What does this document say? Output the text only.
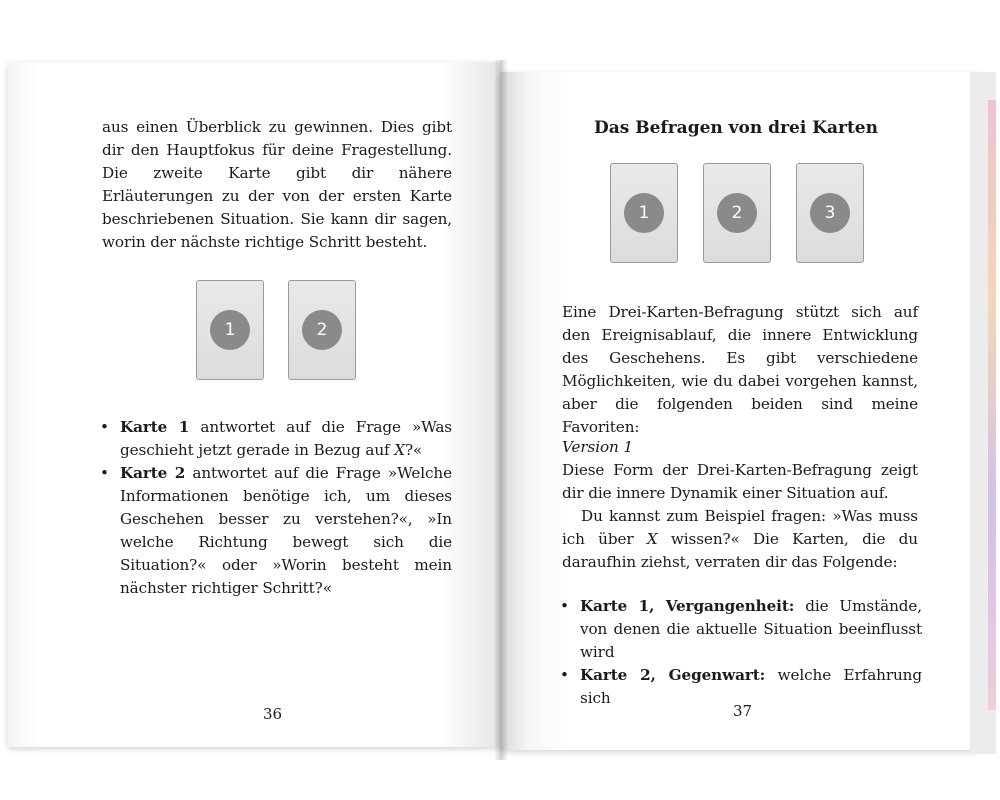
aus einen Überblick zu gewinnen. Dies gibt dir den Hauptfokus für deine Fragestellung. Die zweite Karte gibt dir nähere Erläuterungen zu der von der ersten Karte beschriebenen Situation. Sie kann dir sagen, worin der nächste richtige Schritt besteht.

1	2
• Karte 1 antwortet auf die Frage »Was geschieht jetzt gerade in Bezug auf X?«
• Karte 2 antwortet auf die Frage »Welche Informationen benötige ich, um dieses Geschehen besser zu verstehen?«, »In welche Richtung bewegt sich die Situation?« oder »Worin besteht mein nächster richtiger Schritt?«
36
Das Befragen von drei Karten
1	2	3

Eine Drei-Karten-Befragung stützt sich auf den Ereignisablauf, die innere Entwicklung des Geschehens. Es gibt verschiedene Möglichkeiten, wie du dabei vorgehen kannst, aber die folgenden beiden sind meine Favoriten:

Version 1

Diese Form der Drei-Karten-Befragung zeigt dir die innere Dynamik einer Situation auf.

Du kannst zum Beispiel fragen: »Was muss ich über X wissen?« Die Karten, die du daraufhin ziehst, verraten dir das Folgende:

• Karte 1, Vergangenheit: die Umstände, von denen die aktuelle Situation beeinflusst wird
• Karte 2, Gegenwart: welche Erfahrung sich
37
